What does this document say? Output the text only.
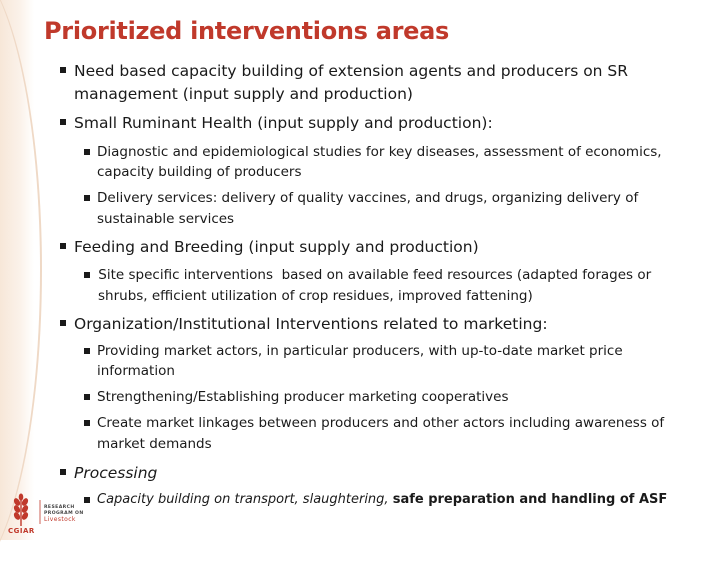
Prioritized interventions areas
Need based capacity building of extension agents and producers on SR
management (input supply and production)
Small Ruminant Health (input supply and production):
Diagnostic and epidemiological studies for key diseases, assessment of economics,
capacity building of producers
Delivery services: delivery of quality vaccines, and drugs, organizing delivery of
sustainable services
Feeding and Breeding (input supply and production)
Site specific interventions  based on available feed resources (adapted forages or
shrubs, efficient utilization of crop residues, improved fattening)
Organization/Institutional Interventions related to marketing:
Providing market actors, in particular producers, with up-to-date market price
information
Strengthening/Establishing producer marketing cooperatives
Create market linkages between producers and other actors including awareness of
market demands
Processing
Capacity building on transport, slaughtering, safe preparation and handling of ASF
CGIAR
RESEARCH
PROGRAM ON
Livestock
